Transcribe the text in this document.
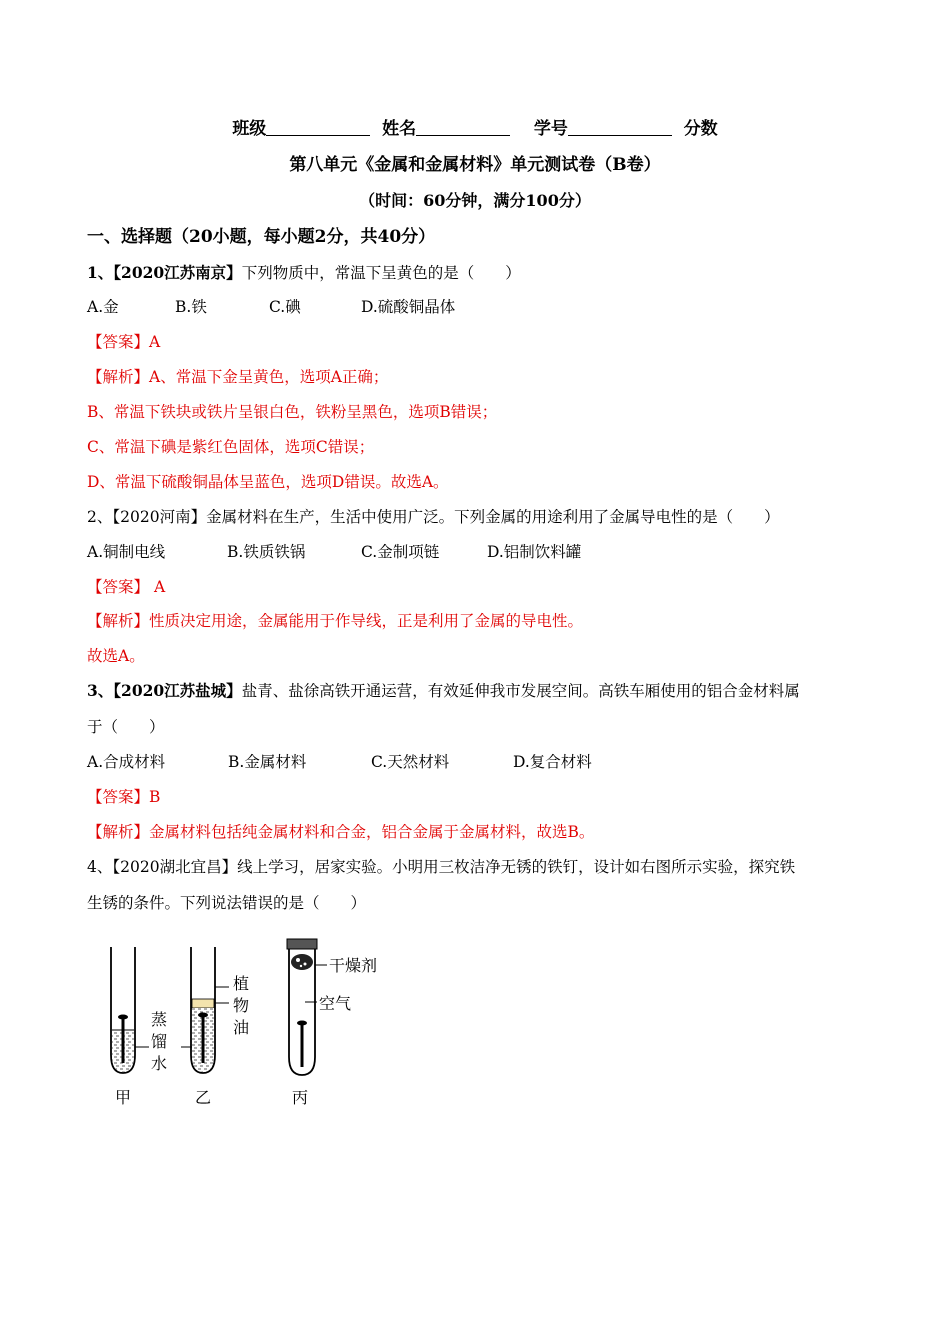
班级	姓名	学号	分数
第八单元《金属和金属材料》单元测试卷（B卷）
（时间：60分钟，满分100分）
一、选择题（20小题，每小题2分，共40分）
1、【2020江苏南京】下列物质中，常温下呈黄色的是（　　）
A.金	B.铁	C.碘	D.硫酸铜晶体
【答案】A
【解析】A、常温下金呈黄色，选项A正确；
B、常温下铁块或铁片呈银白色，铁粉呈黑色，选项B错误；
C、常温下碘是紫红色固体，选项C错误；
D、常温下硫酸铜晶体呈蓝色，选项D错误。故选A。
2、【2020河南】金属材料在生产，生活中使用广泛。下列金属的用途利用了金属导电性的是（　　）
A.铜制电线	B.铁质铁锅	C.金制项链	D.铝制饮料罐
【答案】 A
【解析】性质决定用途，金属能用于作导线，正是利用了金属的导电性。
故选A。
3、【2020江苏盐城】盐青、盐徐高铁开通运营，有效延伸我市发展空间。高铁车厢使用的铝合金材料属
于（　　）
A.合成材料	B.金属材料	C.天然材料	D.复合材料
【答案】B
【解析】金属材料包括纯金属材料和合金，铝合金属于金属材料，故选B。
4、【2020湖北宜昌】线上学习，居家实验。小明用三枚洁净无锈的铁钉，设计如右图所示实验，探究铁
生锈的条件。下列说法错误的是（　　）
蒸
馏
水
植
物
油
干燥剂
空气
甲	乙	丙
